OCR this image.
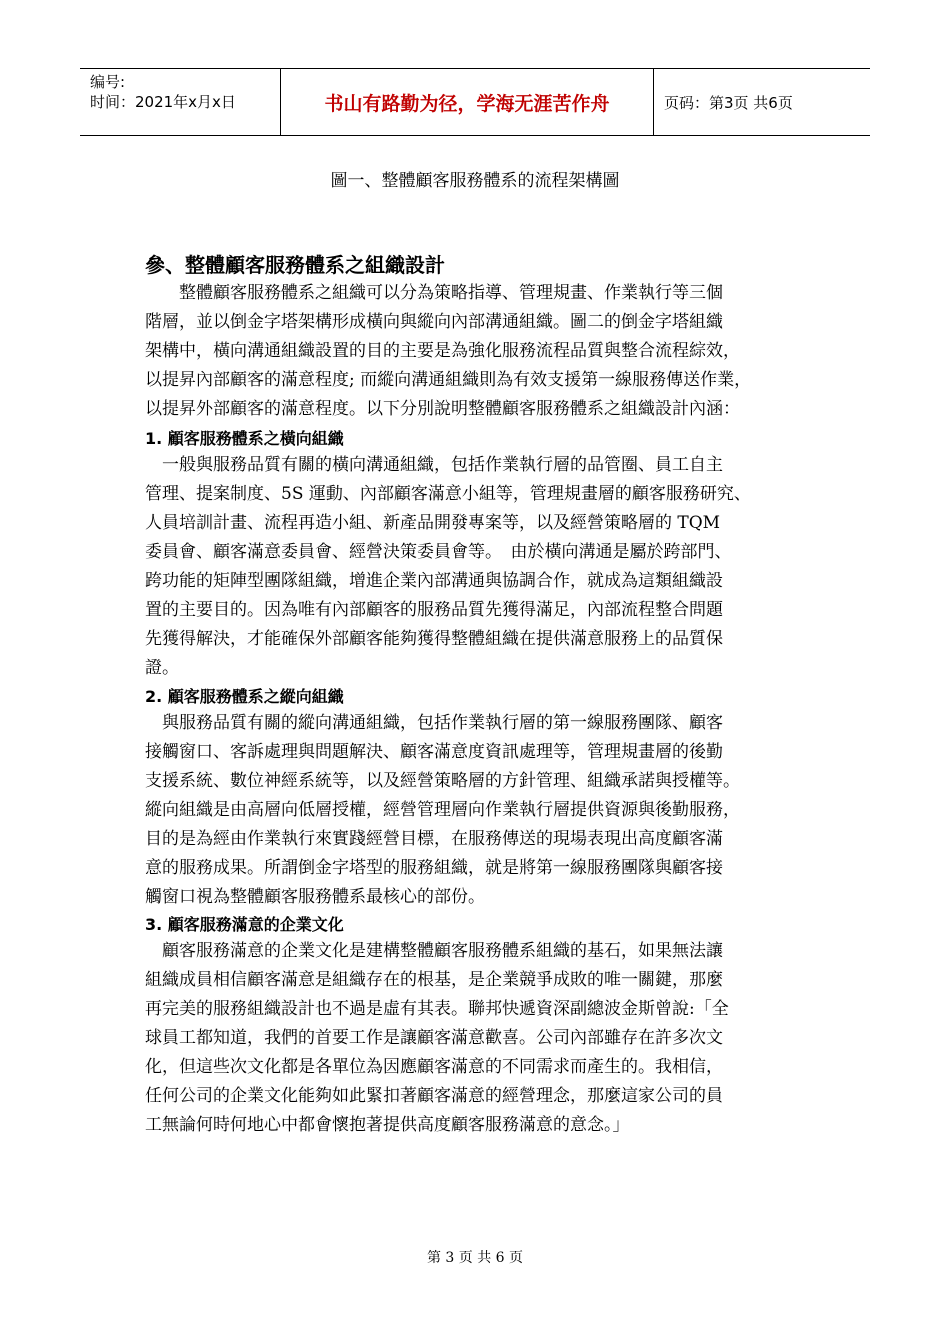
编号:
时间：2021年x月x日	书山有路勤为径，学海无涯苦作舟	页码：第3页 共6页
圖一、整體顧客服務體系的流程架構圖
參、整體顧客服務體系之組織設計
　　整體顧客服務體系之組織可以分為策略指導、管理規畫、作業執行等三個
階層，並以倒金字塔架構形成橫向與縱向內部溝通組織。圖二的倒金字塔組織
架構中，橫向溝通組織設置的目的主要是為強化服務流程品質與整合流程綜效，
以提昇內部顧客的滿意程度; 而縱向溝通組織則為有效支援第一線服務傳送作業，
以提昇外部顧客的滿意程度。以下分別說明整體顧客服務體系之組織設計內涵：
1. 顧客服務體系之橫向組織
　一般與服務品質有關的橫向溝通組織，包括作業執行層的品管圈、員工自主
管理、提案制度、5S 運動、內部顧客滿意小組等，管理規畫層的顧客服務研究、
人員培訓計畫、流程再造小組、新產品開發專案等，以及經營策略層的 TQM
委員會、顧客滿意委員會、經營決策委員會等。　由於橫向溝通是屬於跨部門、
跨功能的矩陣型團隊組織，增進企業內部溝通與協調合作，就成為這類組織設
置的主要目的。因為唯有內部顧客的服務品質先獲得滿足，內部流程整合問題
先獲得解決，才能確保外部顧客能夠獲得整體組織在提供滿意服務上的品質保
證。
2. 顧客服務體系之縱向組織
　與服務品質有關的縱向溝通組織，包括作業執行層的第一線服務團隊、顧客
接觸窗口、客訴處理與問題解決、顧客滿意度資訊處理等，管理規畫層的後勤
支援系統、數位神經系統等，以及經營策略層的方針管理、組織承諾與授權等。
縱向組織是由高層向低層授權，經營管理層向作業執行層提供資源與後勤服務，
目的是為經由作業執行來實踐經營目標，在服務傳送的現場表現出高度顧客滿
意的服務成果。所謂倒金字塔型的服務組織，就是將第一線服務團隊與顧客接
觸窗口視為整體顧客服務體系最核心的部份。
3. 顧客服務滿意的企業文化
　顧客服務滿意的企業文化是建構整體顧客服務體系組織的基石，如果無法讓
組織成員相信顧客滿意是組織存在的根基，是企業競爭成敗的唯一關鍵，那麼
再完美的服務組織設計也不過是虛有其表。聯邦快遞資深副總波金斯曾說:「全
球員工都知道，我們的首要工作是讓顧客滿意歡喜。公司內部雖存在許多次文
化，但這些次文化都是各單位為因應顧客滿意的不同需求而產生的。我相信，
任何公司的企業文化能夠如此緊扣著顧客滿意的經營理念，那麼這家公司的員
工無論何時何地心中都會懷抱著提供高度顧客服務滿意的意念。」
第 3 页 共 6 页
